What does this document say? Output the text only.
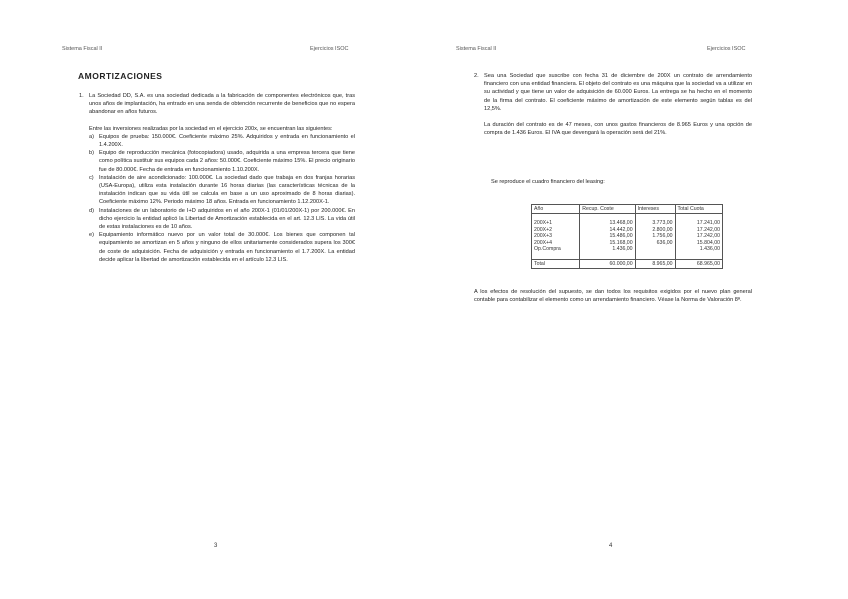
Sistema Fiscal II	Ejercicios ISOC
AMORTIZACIONES
1. La Sociedad DD, S.A. es una sociedad dedicada a la fabricación de componentes electrónicos que, tras unos años de implantación, ha entrado en una senda de obtención recurrente de beneficios que no espera abandonar en años futuros.
Entre las inversiones realizadas por la sociedad en el ejercicio 200x, se encuentran las siguientes:
a) Equipos de prueba: 150.000€. Coeficiente máximo 25%. Adquiridos y entrada en funcionamiento el 1.4.200X.
b) Equipo de reproducción mecánica (fotocopiadora) usado, adquirida a una empresa tercera que tiene como política sustituir sus equipos cada 2 años: 50.000€. Coeficiente máximo 15%. El precio originario fue de 80.000€. Fecha de entrada en funcionamiento 1.10.200X.
c) Instalación de aire acondicionado: 100.000€. La sociedad dado que trabaja en dos franjas horarias (USA-Europa), utiliza esta instalación durante 16 horas diarias (las características técnicas de la instalación indican que su vida útil se calcula en base a un uso aproximado de 8 horas diarias). Coeficiente máximo 12%. Periodo máximo 18 años. Entrada en funcionamiento 1.12.200X-1.
d) Instalaciones de un laboratorio de I+D adquiridos en el año 200X-1 (01/01/200X-1) por 200.000€. En dicho ejercicio la entidad aplicó la Libertad de Amortización establecida en el art. 12.3 LIS. La vida útil de estas instalaciones es de 10 años.
e) Equipamiento informático nuevo por un valor total de 30.000€. Los bienes que componen tal equipamiento se amortizan en 5 años y ninguno de ellos unitariamente considerados supera los 300€ de coste de adquisición. Fecha de adquisición y entrada en funcionamiento el 1.7.200X. La entidad decide aplicar la libertad de amortización establecida en el artículo 12.3 LIS.
3
Sistema Fiscal II	Ejercicios ISOC
2. Sea una Sociedad que suscribe con fecha 31 de diciembre de 200X un contrato de arrendamiento financiero con una entidad financiera. El objeto del contrato es una máquina que la sociedad va a utilizar en su actividad y que tiene un valor de adquisición de 60.000 Euros. La entrega se ha hecho en el momento de la firma del contrato. El coeficiente máximo de amortización de este elemento según tablas es del 12,5%.
La duración del contrato es de 47 meses, con unos gastos financieros de 8.965 Euros y una opción de compra de 1.436 Euros. El IVA que devengará la operación será del 21%.
Se reproduce el cuadro financiero del leasing:
Año	Recup. Coste	Intereses	Total Cuota

200X+1	13.468,00	3.773,00	17.241,00
200X+2	14.442,00	2.800,00	17.242,00
200X+3	15.486,00	1.756,00	17.242,00
200X+4	15.168,00	636,00	15.804,00
Op.Compra	1.436,00		1.436,00

Total	60.000,00	8.965,00	68.965,00
A los efectos de resolución del supuesto, se dan todos los requisitos exigidos por el nuevo plan general contable para contabilizar el elemento como un arrendamiento financiero. Véase la Norma de Valoración 8ª.
4
